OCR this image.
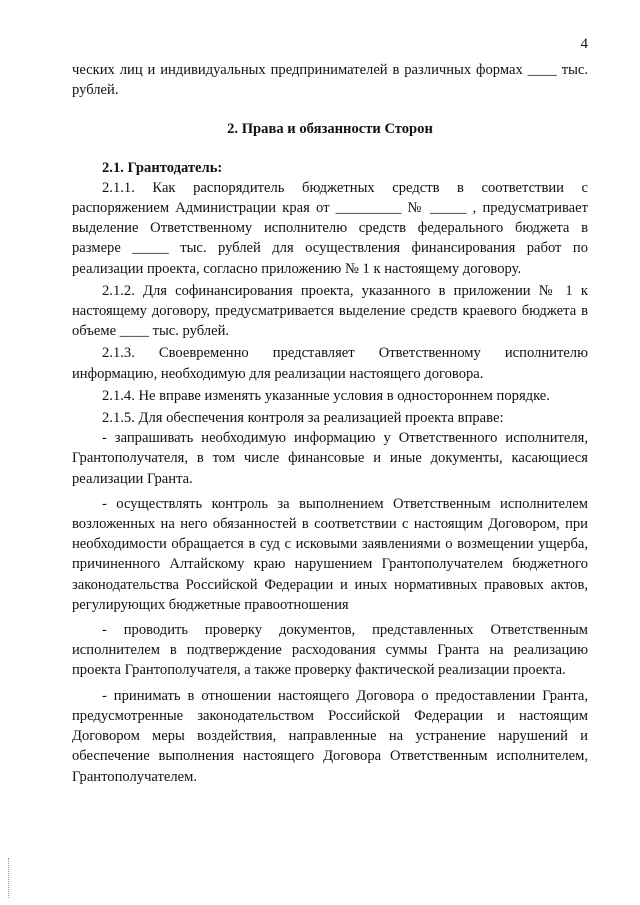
4

ческих лиц и индивидуальных предпринимателей в различных формах ____ тыс. рублей.

2. Права и обязанности Сторон

2.1. Грантодатель:

2.1.1. Как распорядитель бюджетных средств в соответствии с распоряжением Администрации края от _________ № _____ , предусматривает выделение Ответственному исполнителю средств федерального бюджета в размере _____ тыс. рублей для осуществления финансирования работ по реализации проекта, согласно приложению № 1 к настоящему договору.

2.1.2. Для софинансирования проекта, указанного в приложении № 1 к настоящему договору, предусматривается выделение средств краевого бюджета в объеме ____ тыс. рублей.

2.1.3. Своевременно представляет Ответственному исполнителю информацию, необходимую для реализации настоящего договора.

2.1.4. Не вправе изменять указанные условия в одностороннем порядке.

2.1.5. Для обеспечения контроля за реализацией проекта вправе:

- запрашивать необходимую информацию у Ответственного исполнителя, Грантополучателя, в том числе финансовые и иные документы, касающиеся реализации Гранта.

- осуществлять контроль за выполнением Ответственным исполнителем возложенных на него обязанностей в соответствии с настоящим Договором, при необходимости обращается в суд с исковыми заявлениями о возмещении ущерба, причиненного Алтайскому краю нарушением Грантополучателем бюджетного законодательства Российской Федерации и иных нормативных правовых актов, регулирующих бюджетные правоотношения

- проводить проверку документов, представленных Ответственным исполнителем в подтверждение расходования суммы Гранта на реализацию проекта Грантополучателя, а также проверку фактической реализации проекта.

- принимать в отношении настоящего Договора о предоставлении Гранта, предусмотренные законодательством Российской Федерации и настоящим Договором меры воздействия, направленные на устранение нарушений и обеспечение выполнения настоящего Договора Ответственным исполнителем, Грантополучателем.
